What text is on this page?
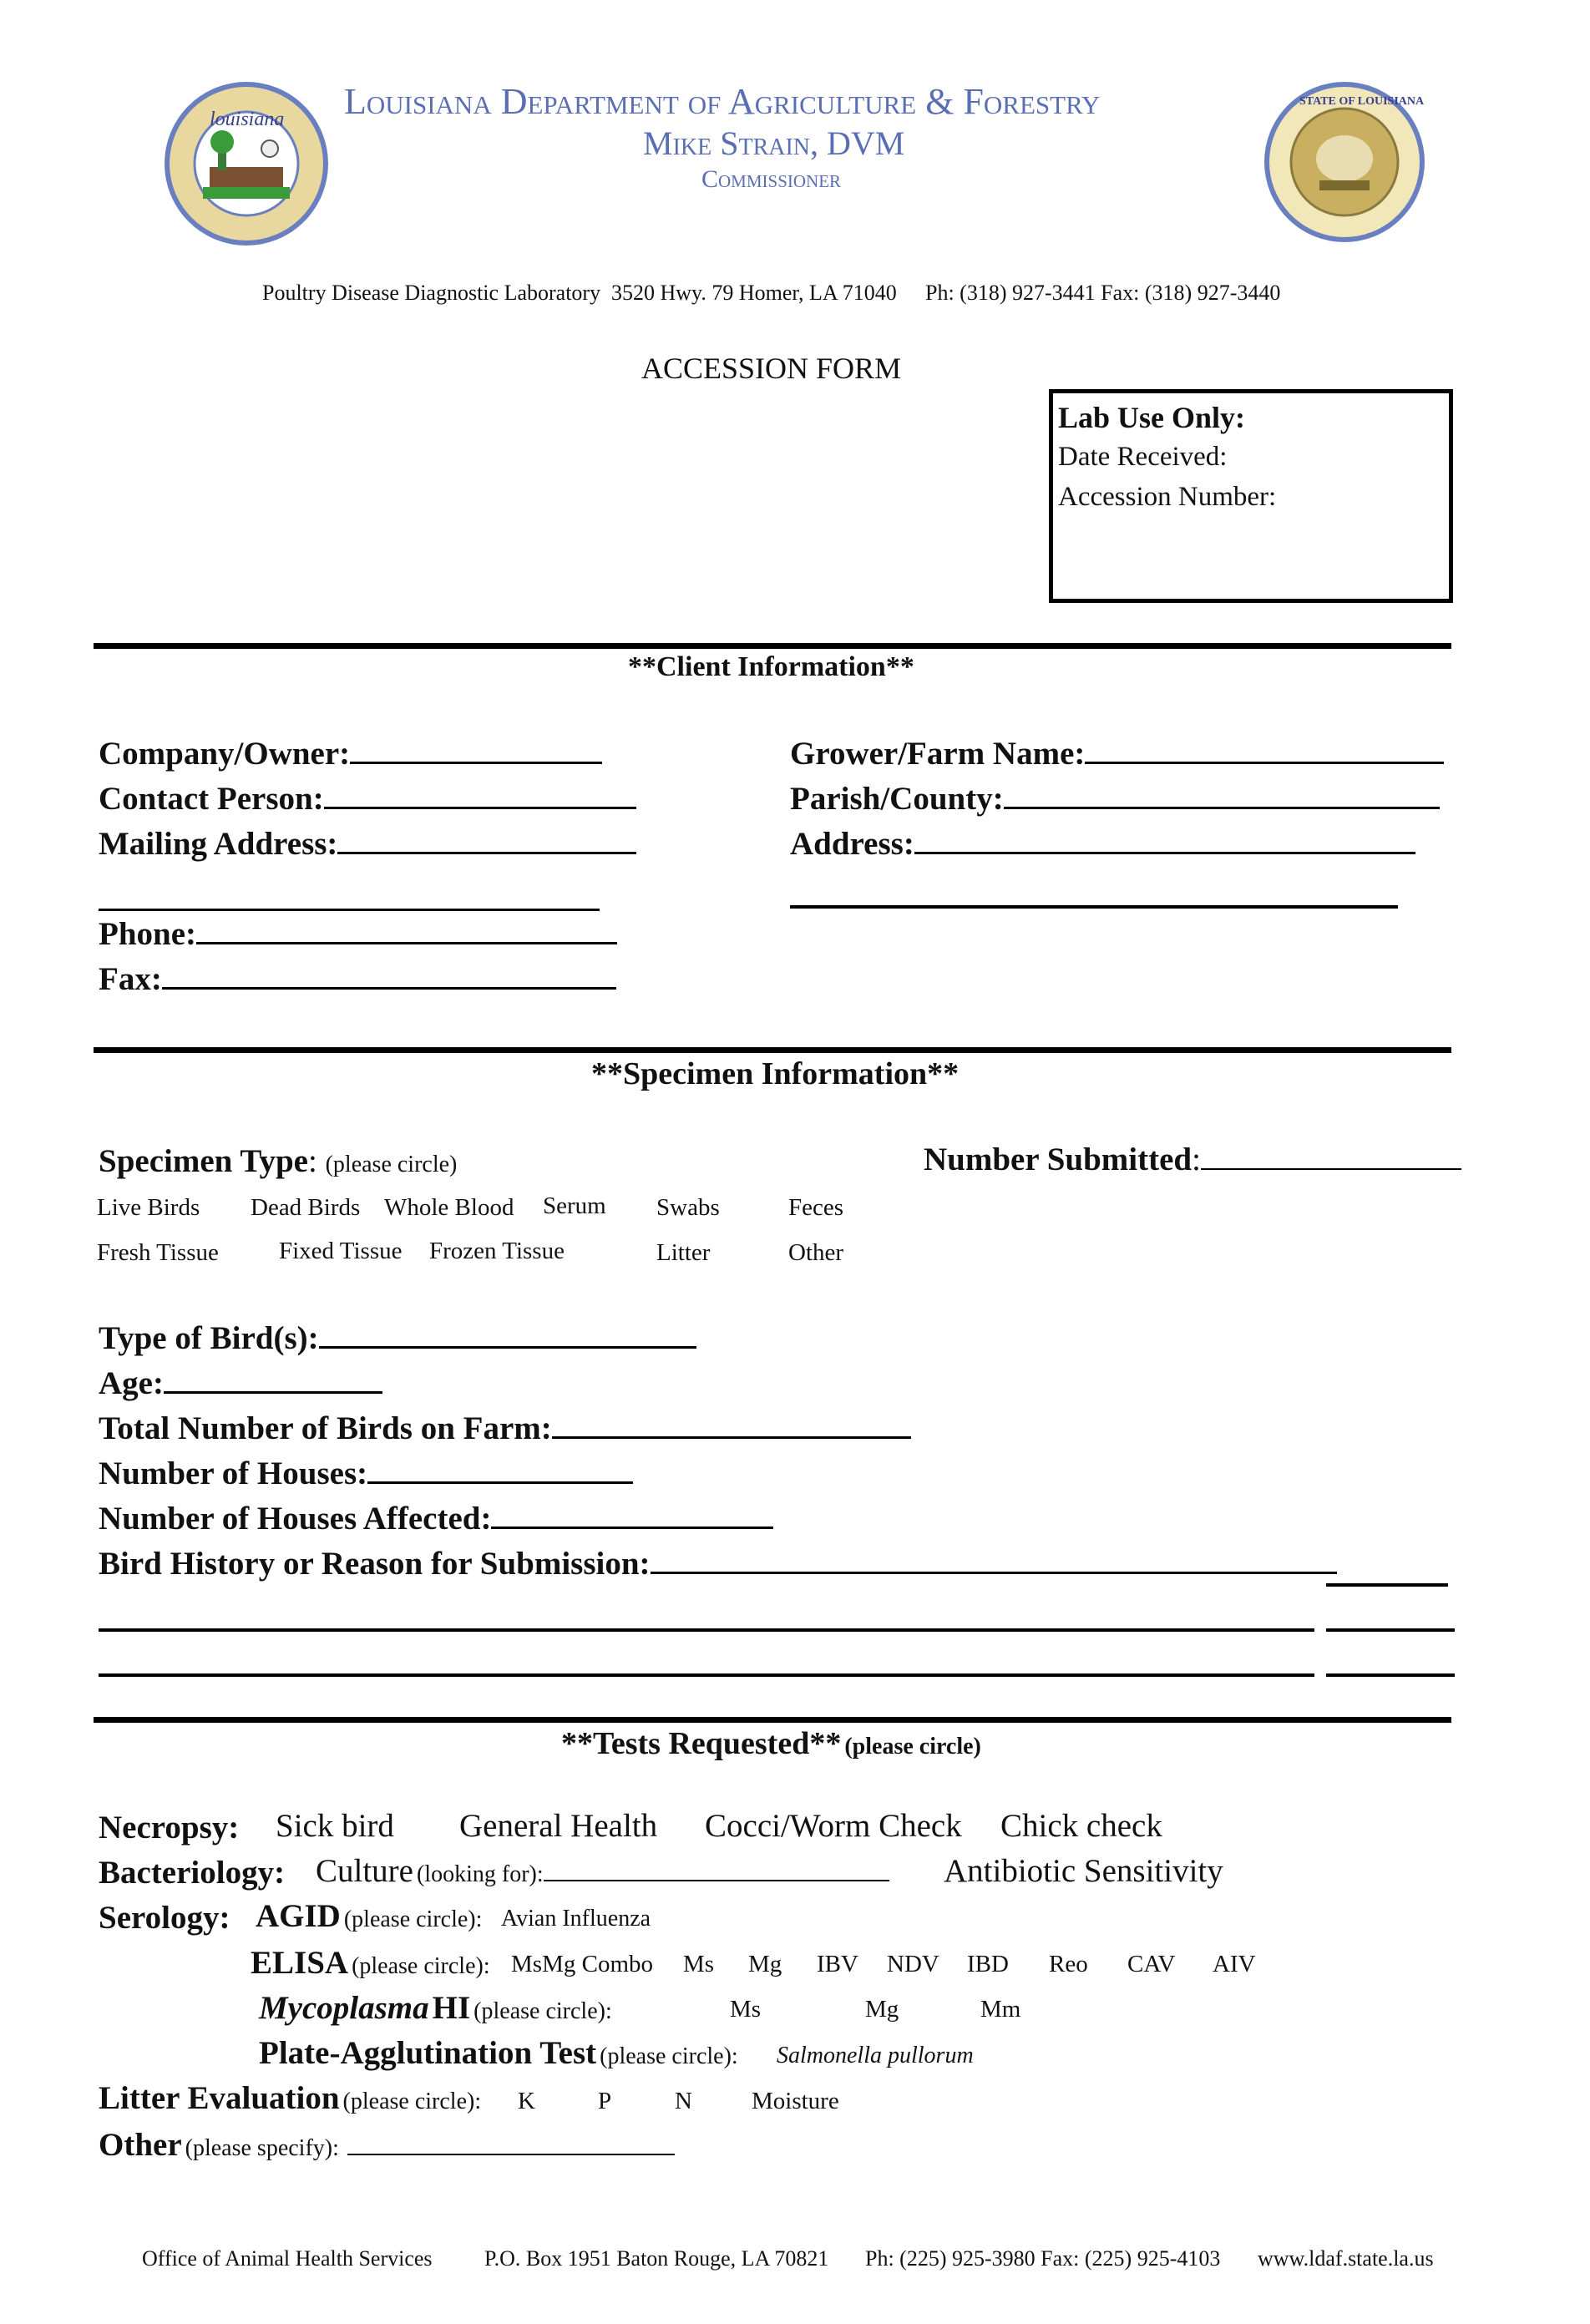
louisiana Louisiana Department of Agriculture & Forestry
Mike Strain, DVM
Commissioner
STATE OF LOUISIANA
Poultry Disease Diagnostic Laboratory 3520 Hwy. 79 Homer, LA 71040 Ph: (318) 927-3441 Fax: (318) 927-3440
ACCESSION FORM
Lab Use Only:
Date Received:
Accession Number:
**Client Information**
Company/Owner:
Contact Person:
Mailing Address:
Phone:
Fax:
Grower/Farm Name:
Parish/County:
Address:
**Specimen Information**
Specimen Type: (please circle)	Number Submitted:
Live Birds Dead Birds Whole Blood Serum Swabs	Feces
Fresh Tissue Fixed Tissue Frozen Tissue	Litter	Other
Type of Bird(s):
Age:
Total Number of Birds on Farm:
Number of Houses:
Number of Houses Affected:
Bird History or Reason for Submission:
**Tests Requested** (please circle)
Necropsy: Sick bird General Health Cocci/Worm Check Chick check
Bacteriology: Culture (looking for):	Antibiotic Sensitivity
Serology: AGID (please circle): Avian Influenza
ELISA (please circle): MsMg Combo Ms Mg IBV NDV IBD Reo CAV AIV
Mycoplasma HI (please circle):	Ms	Mg	Mm
Plate-Agglutination Test (please circle): Salmonella pullorum
Litter Evaluation (please circle): K	P	N Moisture
Other (please specify):
Office of Animal Health Services P.O. Box 1951 Baton Rouge, LA 70821 Ph: (225) 925-3980 Fax: (225) 925-4103 www.ldaf.state.la.us
